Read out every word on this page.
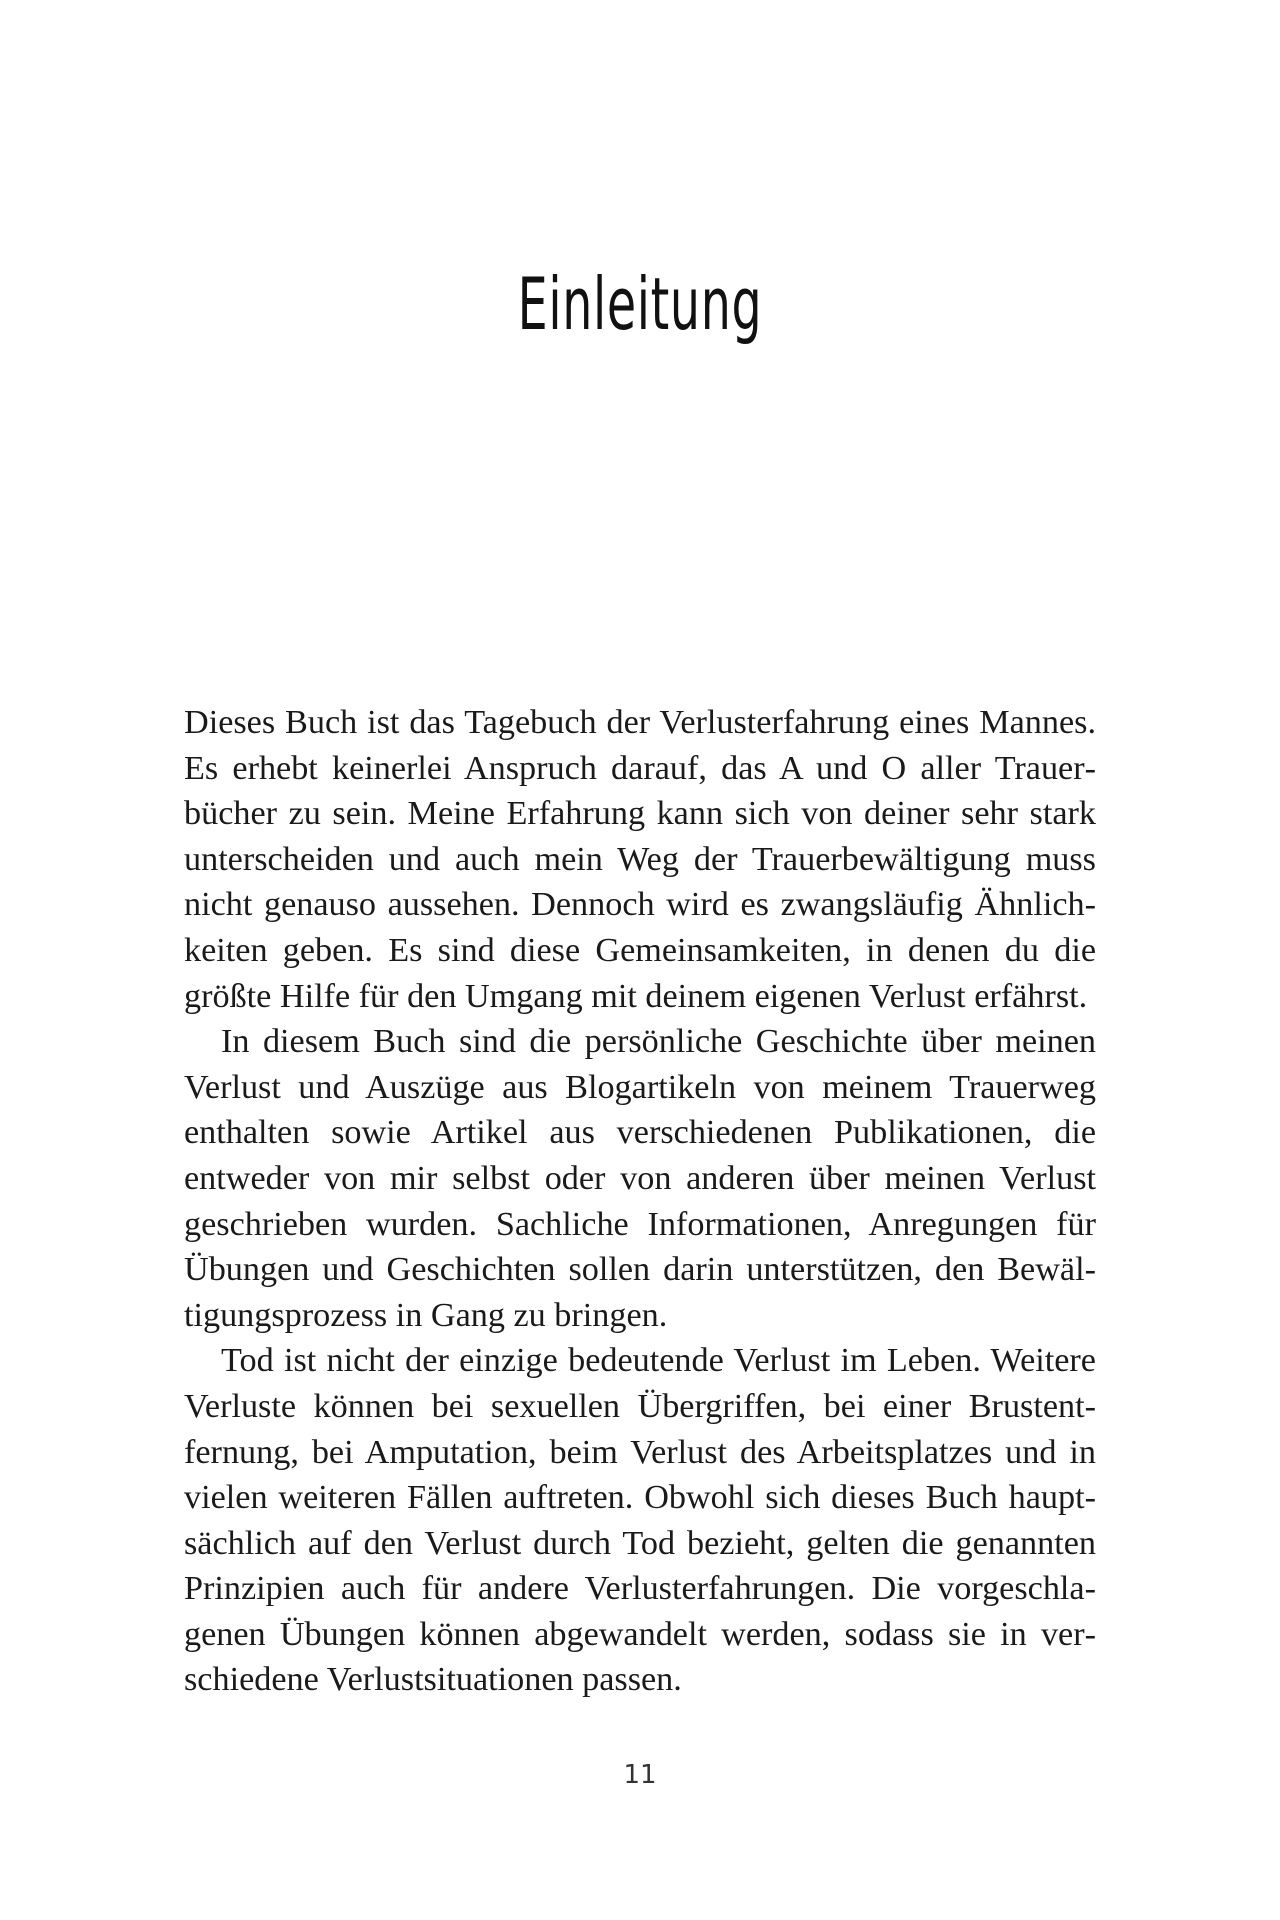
Einleitung

Dieses Buch ist das Tagebuch der Verlusterfahrung eines Mannes. Es erhebt keinerlei Anspruch darauf, das A und O aller Trauerbücher zu sein. Meine Erfahrung kann sich von deiner sehr stark unterscheiden und auch mein Weg der Trauerbewältigung muss nicht genauso aussehen. Dennoch wird es zwangsläufig Ähnlichkeiten geben. Es sind diese Gemeinsamkeiten, in denen du die größte Hilfe für den Umgang mit deinem eigenen Verlust erfährst.

In diesem Buch sind die persönliche Geschichte über meinen Verlust und Auszüge aus Blogartikeln von meinem Trauerweg enthalten sowie Artikel aus verschiedenen Publikationen, die entweder von mir selbst oder von anderen über meinen Verlust geschrieben wurden. Sachliche Informationen, Anregungen für Übungen und Geschichten sollen darin unterstützen, den Bewältigungsprozess in Gang zu bringen.

Tod ist nicht der einzige bedeutende Verlust im Leben. Weitere Verluste können bei sexuellen Übergriffen, bei einer Brustentfernung, bei Amputation, beim Verlust des Arbeitsplatzes und in vielen weiteren Fällen auftreten. Obwohl sich dieses Buch hauptsächlich auf den Verlust durch Tod bezieht, gelten die genannten Prinzipien auch für andere Verlusterfahrungen. Die vorgeschlagenen Übungen können abgewandelt werden, sodass sie in verschiedene Verlustsituationen passen.

11
